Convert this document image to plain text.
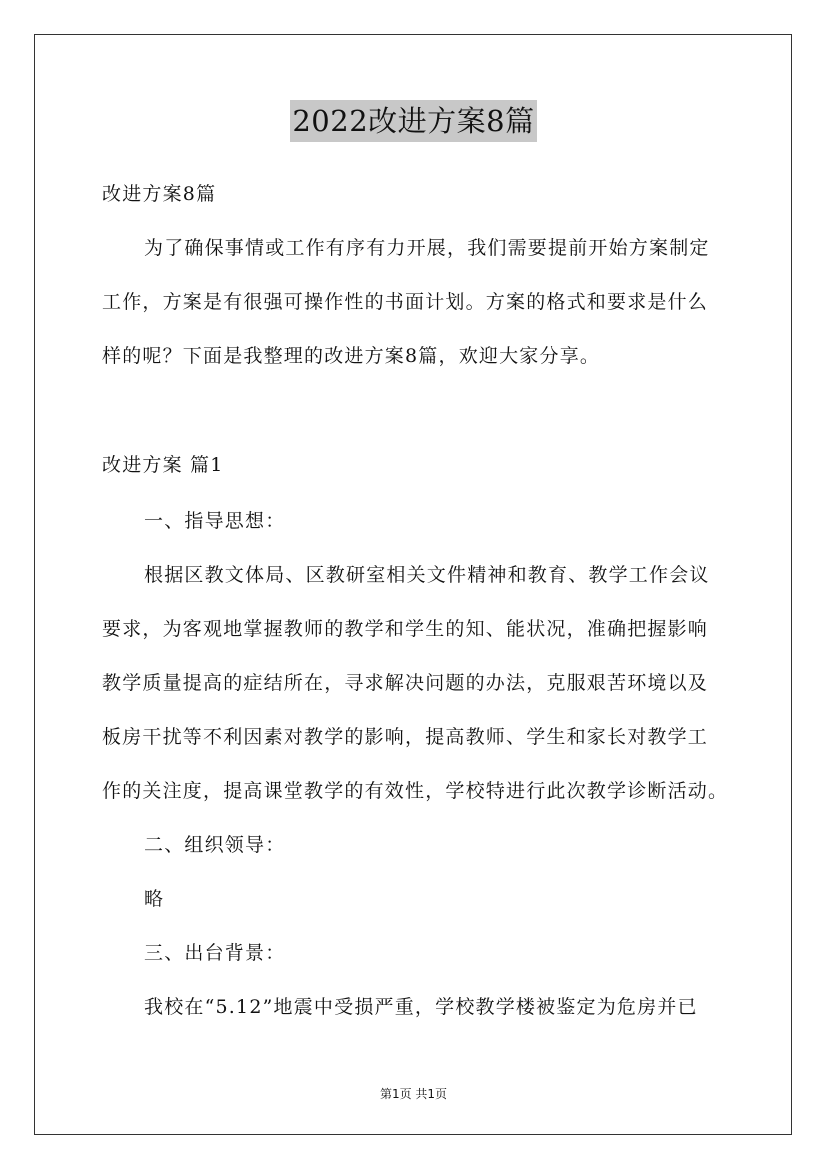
2022改进方案8篇
改进方案8篇
为了确保事情或工作有序有力开展，我们需要提前开始方案制定
工作，方案是有很强可操作性的书面计划。方案的格式和要求是什么
样的呢？下面是我整理的改进方案8篇，欢迎大家分享。
改进方案 篇1
一、指导思想：
根据区教文体局、区教研室相关文件精神和教育、教学工作会议
要求，为客观地掌握教师的教学和学生的知、能状况，准确把握影响
教学质量提高的症结所在，寻求解决问题的办法，克服艰苦环境以及
板房干扰等不利因素对教学的影响，提高教师、学生和家长对教学工
作的关注度，提高课堂教学的有效性，学校特进行此次教学诊断活动。
二、组织领导：
略
三、出台背景：
我校在“5.12”地震中受损严重，学校教学楼被鉴定为危房并已
第1页 共1页
